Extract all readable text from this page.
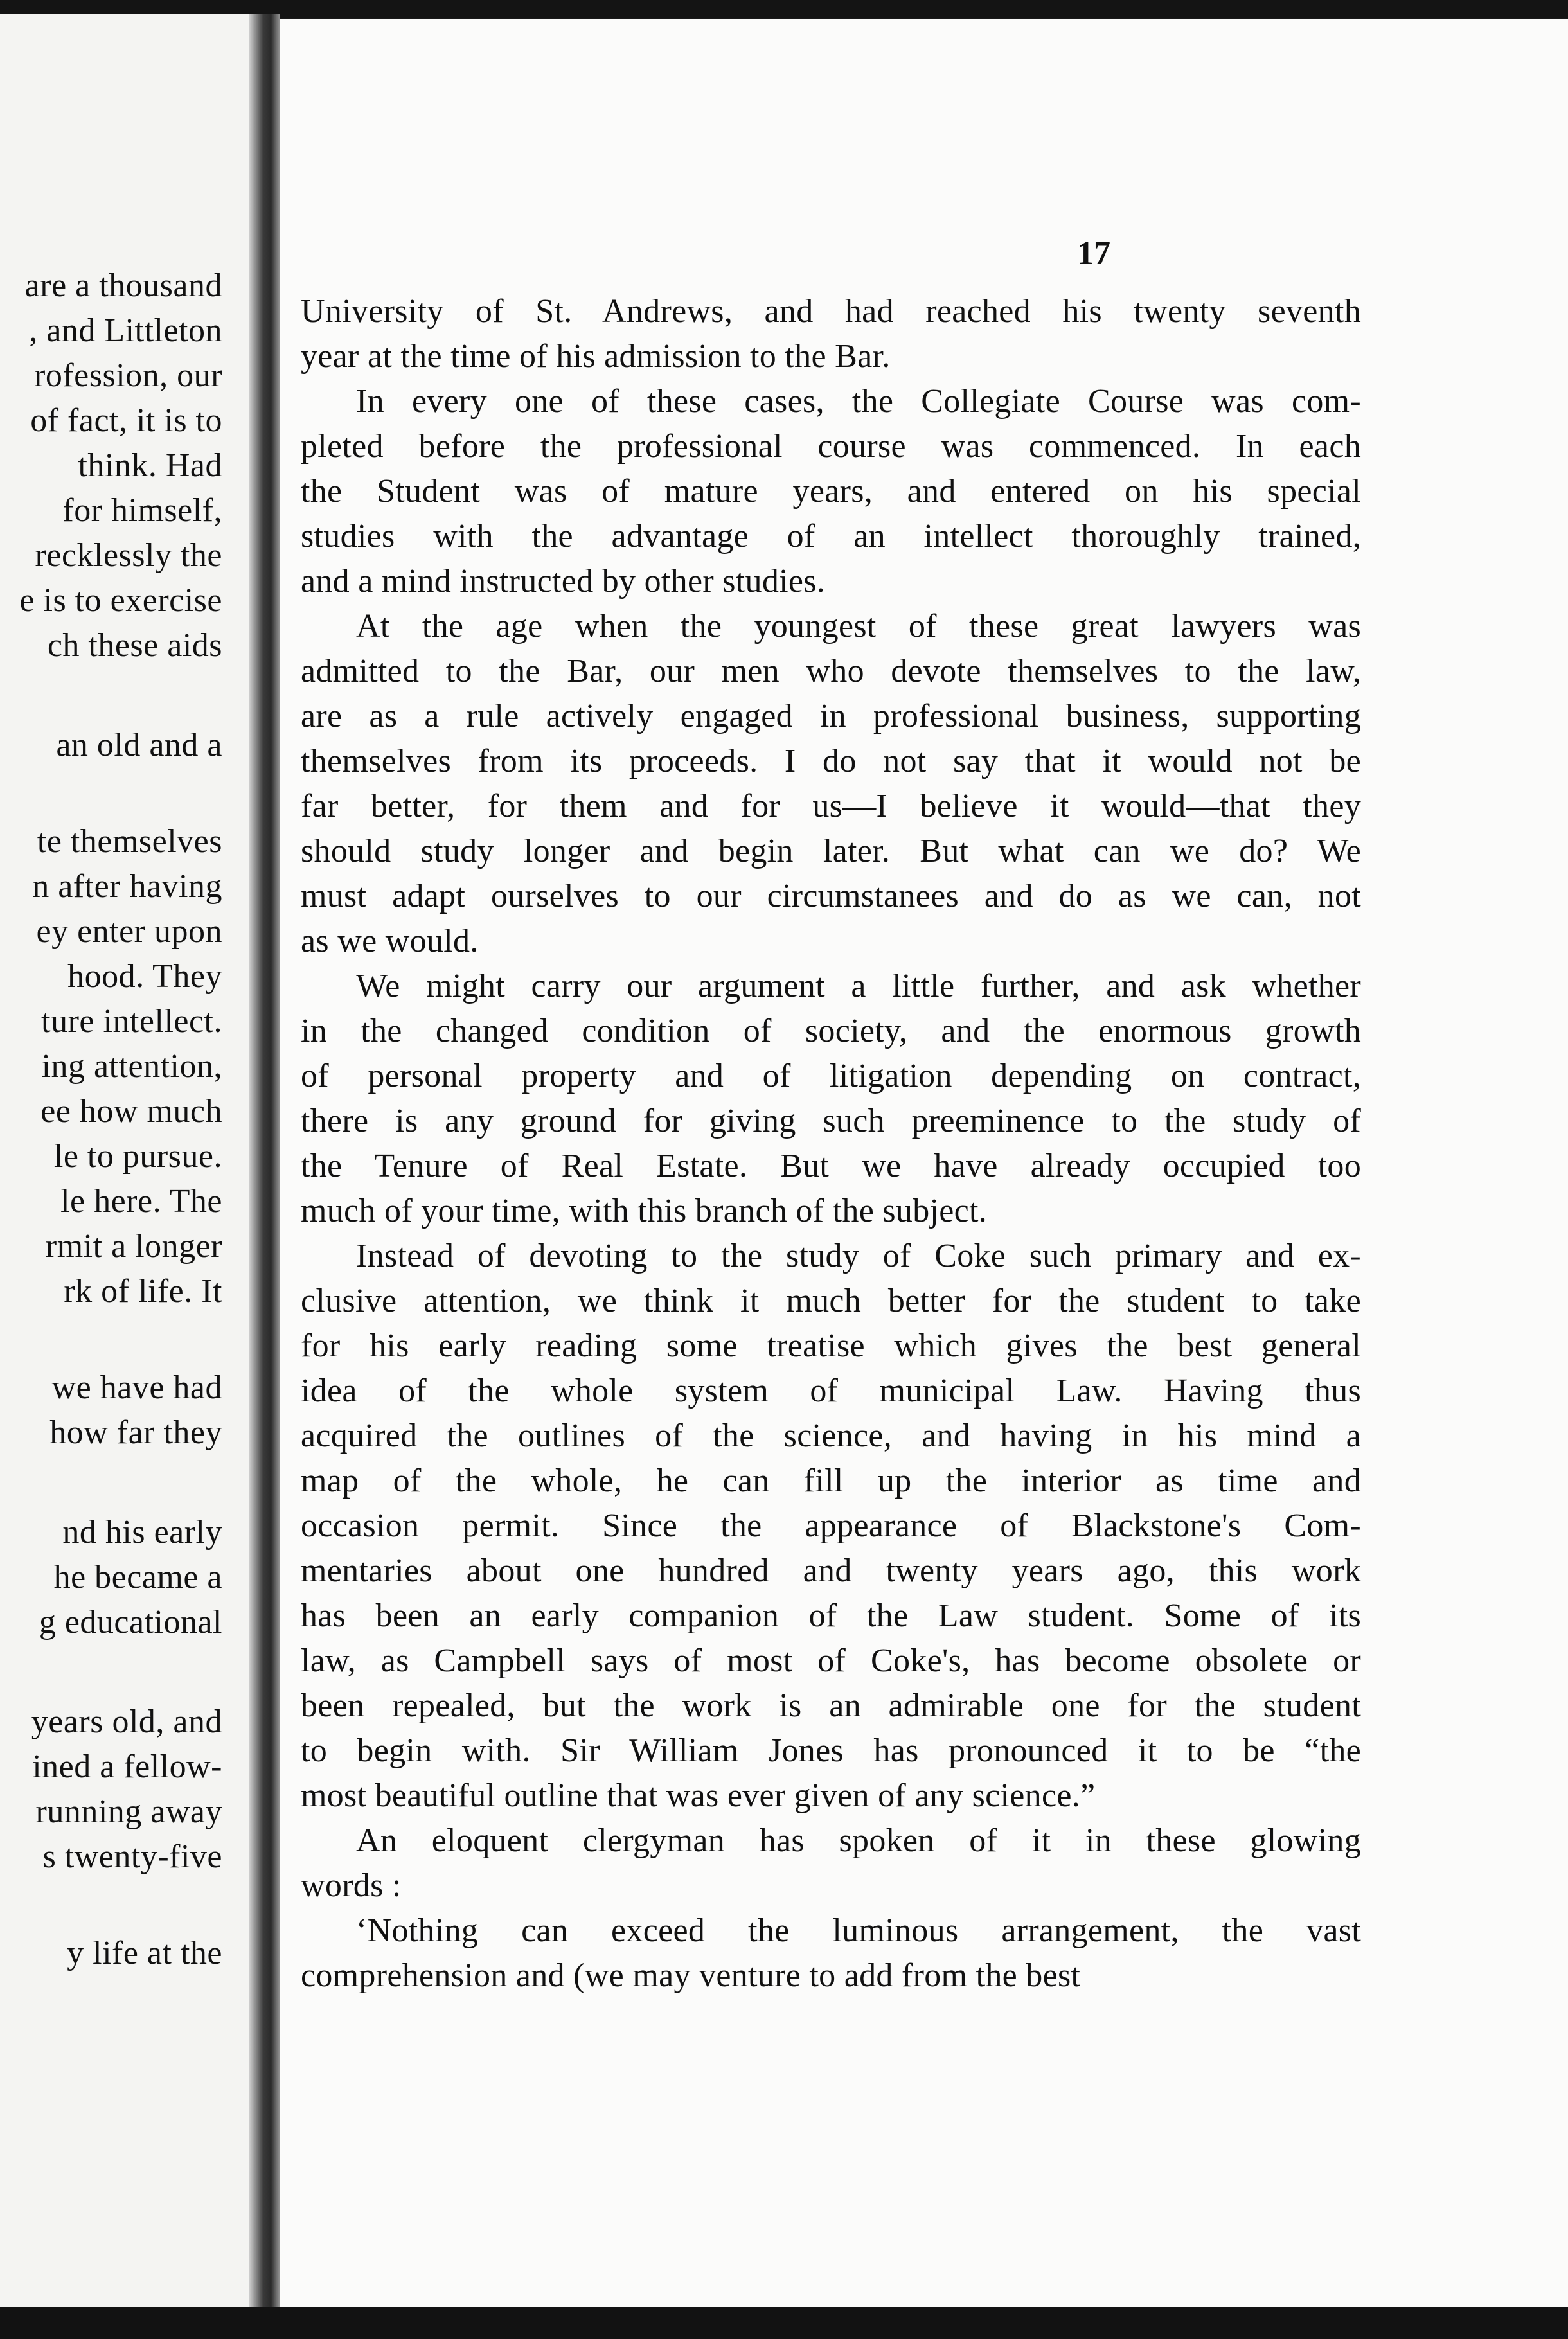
are a thousand
, and Littleton
rofession, our
of fact, it is to
think. Had
for himself,
recklessly the
e is to exercise
ch these aids
an old and a
te themselves
n after having
ey enter upon
hood. They
ture intellect.
ing attention,
ee how much
le to pursue.
le here. The
rmit a longer
rk of life. It
we have had
how far they
nd his early
he became a
g educational
years old, and
ined a fellow-
running away
s twenty-five
y life at the
17
University of St. Andrews, and had reached his twenty seventh
year at the time of his admission to the Bar.
In every one of these cases, the Collegiate Course was com-
pleted before the professional course was commenced. In each
the Student was of mature years, and entered on his special
studies with the advantage of an intellect thoroughly trained,
and a mind instructed by other studies.
At the age when the youngest of these great lawyers was
admitted to the Bar, our men who devote themselves to the law,
are as a rule actively engaged in professional business, supporting
themselves from its proceeds. I do not say that it would not be
far better, for them and for us—I believe it would—that they
should study longer and begin later. But what can we do? We
must adapt ourselves to our circumstanees and do as we can, not
as we would.
We might carry our argument a little further, and ask whether
in the changed condition of society, and the enormous growth
of personal property and of litigation depending on contract,
there is any ground for giving such preeminence to the study of
the Tenure of Real Estate. But we have already occupied too
much of your time, with this branch of the subject.
Instead of devoting to the study of Coke such primary and ex-
clusive attention, we think it much better for the student to take
for his early reading some treatise which gives the best general
idea of the whole system of municipal Law. Having thus
acquired the outlines of the science, and having in his mind a
map of the whole, he can fill up the interior as time and
occasion permit. Since the appearance of Blackstone's Com-
mentaries about one hundred and twenty years ago, this work
has been an early companion of the Law student. Some of its
law, as Campbell says of most of Coke's, has become obsolete or
been repealed, but the work is an admirable one for the student
to begin with. Sir William Jones has pronounced it to be “the
most beautiful outline that was ever given of any science.”
An eloquent clergyman has spoken of it in these glowing
words :
‘Nothing can exceed the luminous arrangement, the vast
comprehension and (we may venture to add from the best
